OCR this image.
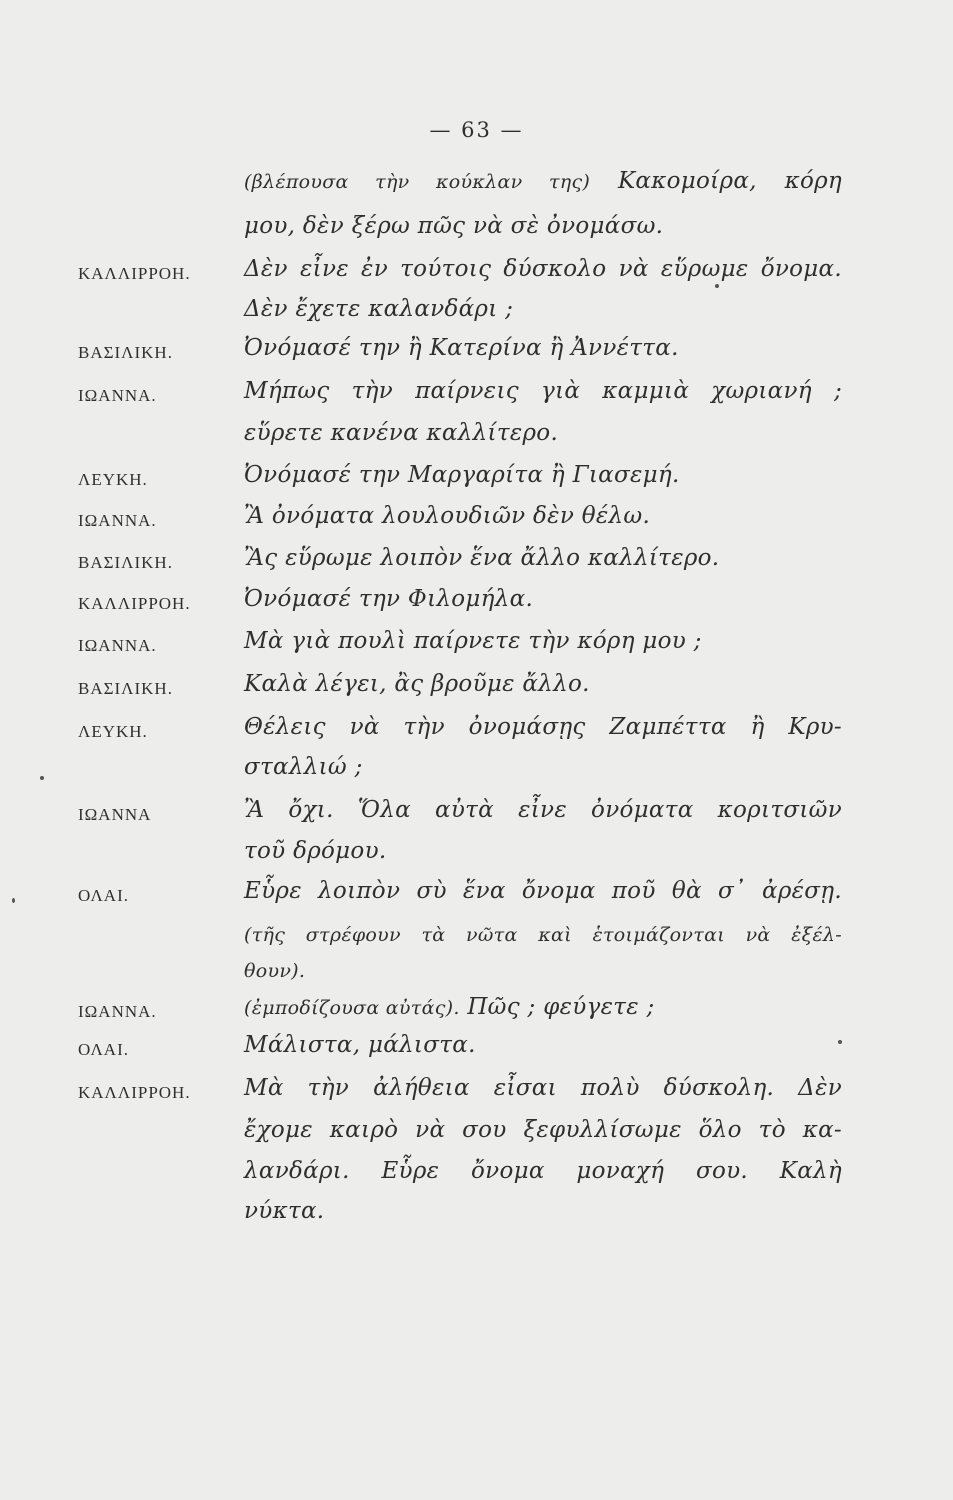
— 63 —
(βλέπουσα τὴν κούκλαν της) Κακομοίρα, κόρη
μου, δὲν ξέρω πῶς νὰ σὲ ὀνομάσω.
ΚΑΛΛΙΡΡΟΗ. Δὲν εἶνε ἐν τούτοις δύσκολο νὰ εὕρωμε ὄνομα.
Δὲν ἔχετε καλανδάρι ;
ΒΑΣΙΛΙΚΗ.	Ὀνόμασέ την ἢ Κατερίνα ἢ Ἀννέττα.
ΙΩΑΝΝΑ.	Μήπως τὴν παίρνεις γιὰ καμμιὰ χωριανή ;
εὕρετε κανένα καλλίτερο.
ΛΕΥΚΗ.	Ὀνόμασέ την Μαργαρίτα ἢ Γιασεμή.
ΙΩΑΝΝΑ.	Ἂ ὀνόματα λουλουδιῶν δὲν θέλω.
ΒΑΣΙΛΙΚΗ.	Ἂς εὕρωμε λοιπὸν ἕνα ἄλλο καλλίτερο.
ΚΑΛΛΙΡΡΟΗ. Ὀνόμασέ την Φιλομήλα.
ΙΩΑΝΝΑ.	Μὰ γιὰ πουλὶ παίρνετε τὴν κόρη μου ;
ΒΑΣΙΛΙΚΗ.	Καλὰ λέγει, ἂς βροῦμε ἄλλο.
ΛΕΥΚΗ.	Θέλεις νὰ τὴν ὀνομάσῃς Ζαμπέττα ἢ Κρυ-
σταλλιώ ;
ΙΩΑΝΝΑ	Ἂ ὄχι. Ὅλα αὐτὰ εἶνε ὀνόματα κοριτσιῶν
τοῦ δρόμου.
ΟΛΑΙ.	Εὗρε λοιπὸν σὺ ἕνα ὄνομα ποῦ θὰ σ᾽ ἀρέσῃ.
(τῆς στρέφουν τὰ νῶτα καὶ ἑτοιμάζονται νὰ ἐξέλ-
θουν).
ΙΩΑΝΝΑ.	(ἐμποδίζουσα αὐτάς). Πῶς ; φεύγετε ;
ΟΛΑΙ.	Μάλιστα, μάλιστα.
ΚΑΛΛΙΡΡΟΗ. Μὰ τὴν ἀλήθεια εἶσαι πολὺ δύσκολη. Δὲν
ἔχομε καιρὸ νὰ σου ξεφυλλίσωμε ὅλο τὸ κα-
λανδάρι. Εὗρε ὄνομα μοναχή σου. Καλὴ
νύκτα.
